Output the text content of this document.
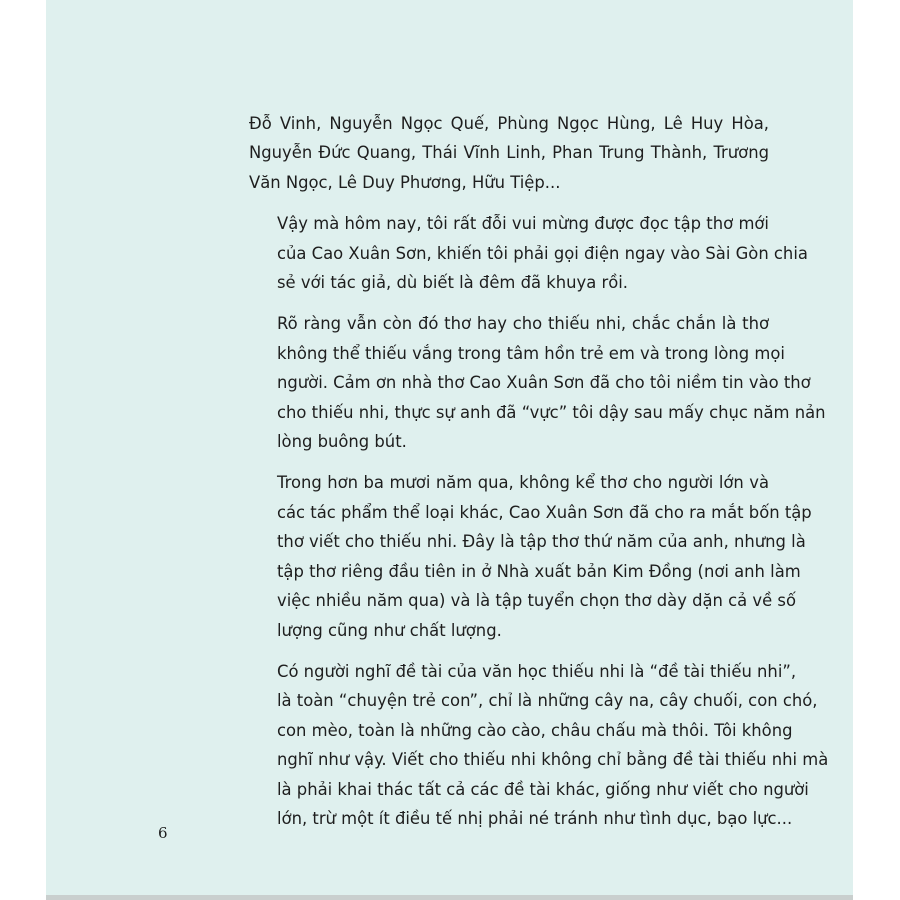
Đỗ Vinh, Nguyễn Ngọc Quế, Phùng Ngọc Hùng, Lê Huy Hòa,
Nguyễn Đức Quang, Thái Vĩnh Linh, Phan Trung Thành, Trương
Văn Ngọc, Lê Duy Phương, Hữu Tiệp...

Vậy mà hôm nay, tôi rất đỗi vui mừng được đọc tập thơ mới
của Cao Xuân Sơn, khiến tôi phải gọi điện ngay vào Sài Gòn chia
sẻ với tác giả, dù biết là đêm đã khuya rồi.

Rõ ràng vẫn còn đó thơ hay cho thiếu nhi, chắc chắn là thơ
không thể thiếu vắng trong tâm hồn trẻ em và trong lòng mọi
người. Cảm ơn nhà thơ Cao Xuân Sơn đã cho tôi niềm tin vào thơ
cho thiếu nhi, thực sự anh đã “vực” tôi dậy sau mấy chục năm nản
lòng buông bút.

Trong hơn ba mươi năm qua, không kể thơ cho người lớn và
các tác phẩm thể loại khác, Cao Xuân Sơn đã cho ra mắt bốn tập
thơ viết cho thiếu nhi. Đây là tập thơ thứ năm của anh, nhưng là
tập thơ riêng đầu tiên in ở Nhà xuất bản Kim Đồng (nơi anh làm
việc nhiều năm qua) và là tập tuyển chọn thơ dày dặn cả về số
lượng cũng như chất lượng.

Có người nghĩ đề tài của văn học thiếu nhi là “đề tài thiếu nhi”,
là toàn “chuyện trẻ con”, chỉ là những cây na, cây chuối, con chó,
con mèo, toàn là những cào cào, châu chấu mà thôi. Tôi không
nghĩ như vậy. Viết cho thiếu nhi không chỉ bằng đề tài thiếu nhi mà
là phải khai thác tất cả các đề tài khác, giống như viết cho người
lớn, trừ một ít điều tế nhị phải né tránh như tình dục, bạo lực...

6
